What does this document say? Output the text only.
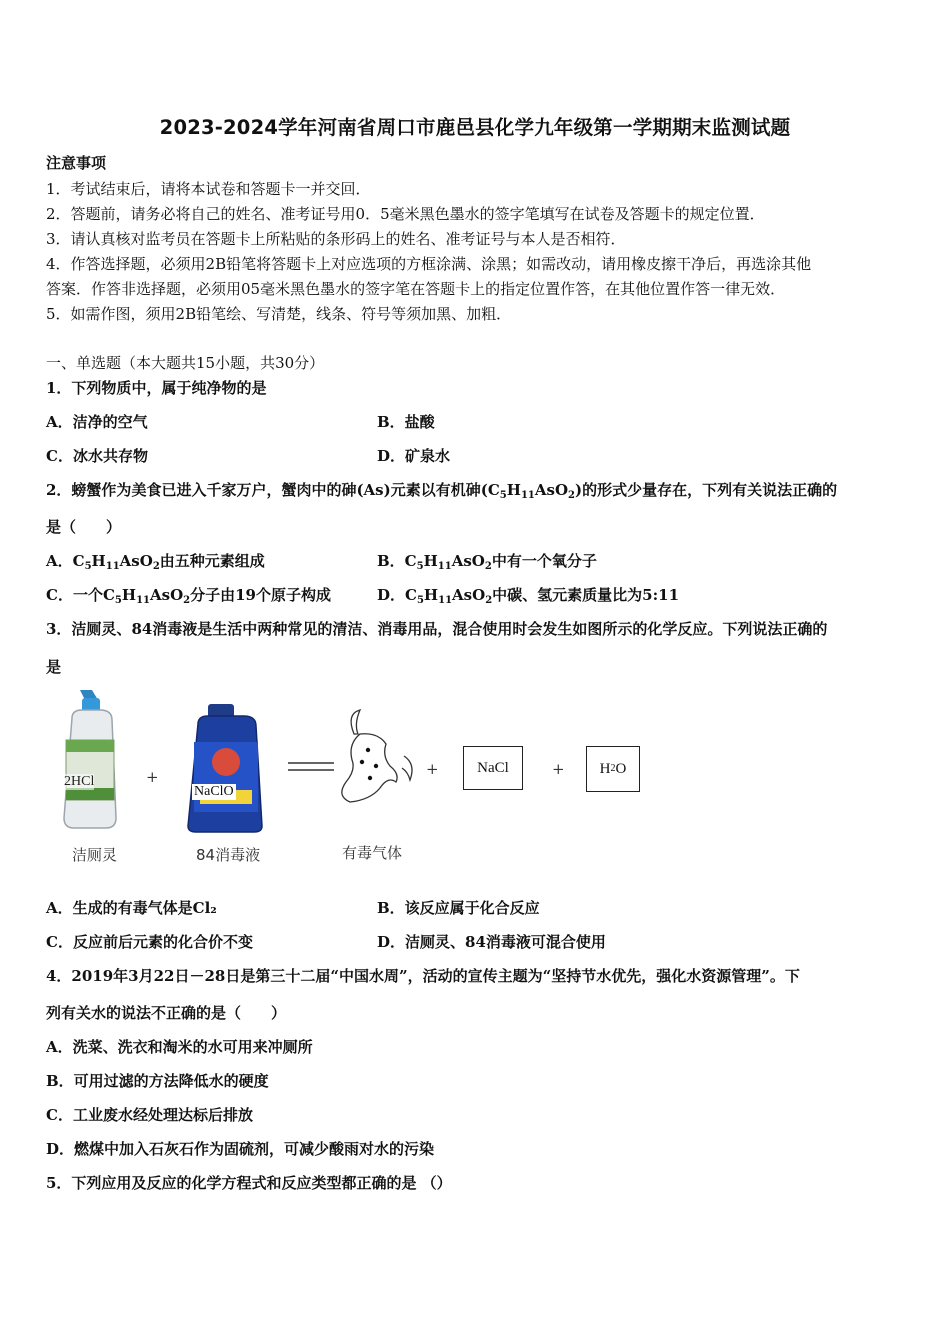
2023-2024学年河南省周口市鹿邑县化学九年级第一学期期末监测试题
注意事项
1．考试结束后，请将本试卷和答题卡一并交回．
2．答题前，请务必将自己的姓名、准考证号用0．5毫米黑色墨水的签字笔填写在试卷及答题卡的规定位置．
3．请认真核对监考员在答题卡上所粘贴的条形码上的姓名、准考证号与本人是否相符．
4．作答选择题，必须用2B铅笔将答题卡上对应选项的方框涂满、涂黑；如需改动，请用橡皮擦干净后，再选涂其他
答案．作答非选择题，必须用05毫米黑色墨水的签字笔在答题卡上的指定位置作答，在其他位置作答一律无效．
5．如需作图，须用2B铅笔绘、写清楚，线条、符号等须加黑、加粗．
一、单选题（本大题共15小题，共30分）
1．下列物质中，属于纯净物的是
A．洁净的空气	B．盐酸
C．冰水共存物	D．矿泉水
2．螃蟹作为美食已进入千家万户，蟹肉中的砷(As)元素以有机砷$(C_5H_{11}AsO_2)$的形式少量存在，下列有关说法正确的
是（　　）
A．$C_5H_{11}AsO_2$由五种元素组成	B．$C_5H_{11}AsO_2$中有一个氧分子
C．一个$C_5H_{11}AsO_2$分子由19个原子构成	D．$C_5H_{11}AsO_2$中碳、氢元素质量比为5:11
3．洁厕灵、84消毒液是生活中两种常见的清洁、消毒用品，混合使用时会发生如图所示的化学反应。下列说法正确的
是
2HCl
洁厕灵
+
NaClO
84消毒液	有毒气体
+	NaCl	+	H 2 O
A．生成的有毒气体是Cl₂	B．该反应属于化合反应
C．反应前后元素的化合价不变	D．洁厕灵、84消毒液可混合使用
4．2019年3月22日－28日是第三十二届“中国水周”，活动的宣传主题为“坚持节水优先，强化水资源管理”。下
列有关水的说法不正确的是（　　）
A．洗菜、洗衣和淘米的水可用来冲厕所
B．可用过滤的方法降低水的硬度
C．工业废水经处理达标后排放
D．燃煤中加入石灰石作为固硫剂，可减少酸雨对水的污染
5．下列应用及反应的化学方程式和反应类型都正确的是 （）
